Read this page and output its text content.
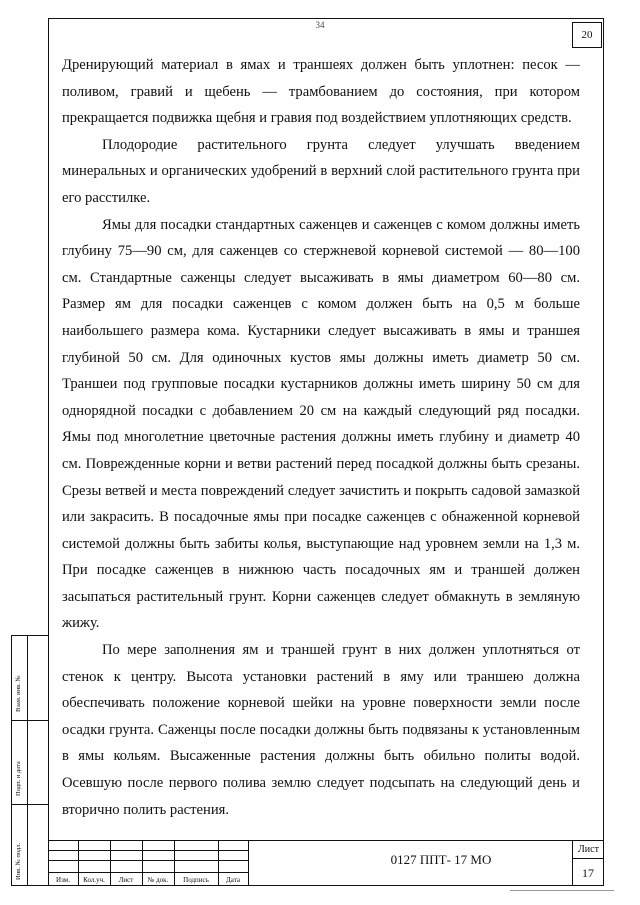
34
20

Дренирующий материал в ямах и траншеях должен быть уплотнен: песок — поливом, гравий и щебень — трамбованием до состояния, при котором прекращается подвижка щебня и гравия под воздействием уплотняющих средств.

Плодородие растительного грунта следует улучшать введением минеральных и органических удобрений в верхний слой растительного грунта при его расстилке.

Ямы для посадки стандартных саженцев и саженцев с комом должны иметь глубину 75—90 см, для саженцев со стержневой корневой системой — 80—100 см. Стандартные саженцы следует высаживать в ямы диаметром 60—80 см. Размер ям для посадки саженцев с комом должен быть на 0,5 м больше наибольшего размера кома. Кустарники следует высаживать в ямы и траншея глубиной 50 см. Для одиночных кустов ямы должны иметь диаметр 50 см. Траншеи под групповые посадки кустарников должны иметь ширину 50 см для однорядной посадки с добавлением 20 см на каждый следующий ряд посадки. Ямы под многолетние цветочные растения должны иметь глубину и диаметр 40 см. Поврежденные корни и ветви растений перед посадкой должны быть срезаны. Срезы ветвей и места повреждений следует зачистить и покрыть садовой замазкой или закрасить. В посадочные ямы при посадке саженцев с обнаженной корневой системой должны быть забиты колья, выступающие над уровнем земли на 1,3 м. При посадке саженцев в нижнюю часть посадочных ям и траншей должен засыпаться растительный грунт. Корни саженцев следует обмакнуть в земляную жижу.

По мере заполнения ям и траншей грунт в них должен уплотняться от стенок к центру. Высота установки растений в яму или траншею должна обеспечивать положение корневой шейки на уровне поверхности земли после осадки грунта. Саженцы после посадки должны быть подвязаны к установленным в ямы кольям. Высаженные растения должны быть обильно политы водой. Осевшую после первого полива землю следует подсыпать на следующий день и вторично полить растения.

Взам. инв. №
Подп. и дата
Инв. № подл.	Изм.	Кол.уч.	Лист	№ док.	Подпись	Дата
0127 ППТ- 17 МО
Лист
17
